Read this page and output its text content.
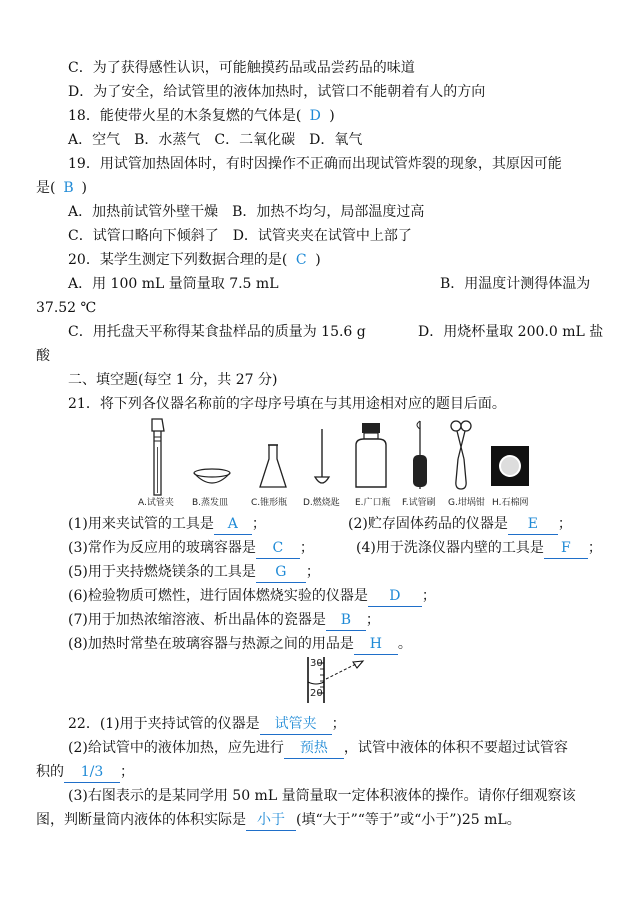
C．为了获得感性认识，可能触摸药品或品尝药品的味道
D．为了安全，给试管里的液体加热时，试管口不能朝着有人的方向
18．能使带火星的木条复燃的气体是( D )
A．空气　B．水蒸气　C．二氧化碳　D．氧气
19．用试管加热固体时，有时因操作不正确而出现试管炸裂的现象，其原因可能
是( B )
A．加热前试管外壁干燥　B．加热不均匀，局部温度过高
C．试管口略向下倾斜了　D．试管夹夹在试管中上部了
20．某学生测定下列数据合理的是( C )
A．用 100 mL 量筒量取 7.5 mL	B．用温度计测得体温为
37.52 ℃
C．用托盘天平称得某食盐样品的质量为 15.6 g	D．用烧杯量取 200.0 mL 盐
酸
二、填空题(每空 1 分，共 27 分)
21．将下列各仪器名称前的字母序号填在与其用途相对应的题目后面。
A.试管夹 B.蒸发皿	C.锥形瓶 D.燃烧匙 E.广口瓶 F.试管刷 G.坩埚钳 H.石棉网
(1)用来夹试管的工具是 A ；	(2)贮存固体药品的仪器是 E ；
(3)常作为反应用的玻璃容器是 C ；	(4)用于洗涤仪器内壁的工具是 F ；
(5)用于夹持燃烧镁条的工具是 G ；
(6)检验物质可燃性，进行固体燃烧实验的仪器是 D ；
(7)用于加热浓缩溶液、析出晶体的瓷器是 B ；
(8)加热时常垫在玻璃容器与热源之间的用品是 H 。
30
20
22．(1)用于夹持试管的仪器是 试管夹 ；
(2)给试管中的液体加热，应先进行 预热 ，试管中液体的体积不要超过试管容
积的 1/3 ；
(3)右图表示的是某同学用 50 mL 量筒量取一定体积液体的操作。请你仔细观察该
图，判断量筒内液体的体积实际是 小于 (填“大于”“等于”或“小于”)25 mL。
